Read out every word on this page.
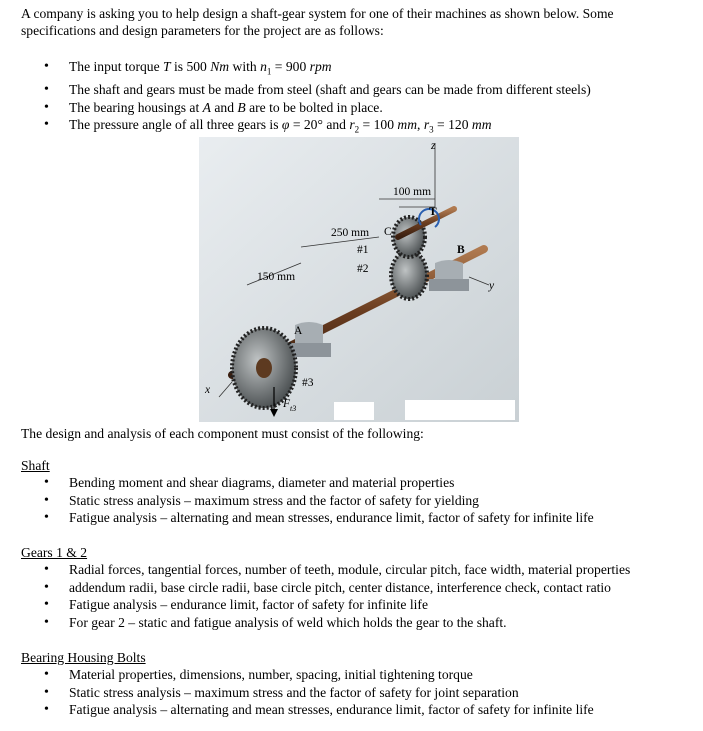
A company is asking you to help design a shaft-gear system for one of their machines as shown below. Some specifications and design parameters for the project are as follows:
• The input torque T is 500 Nm with $n_1 = 900$ rpm
• The shaft and gears must be made from steel (shaft and gears can be made from different steels)
• The bearing housings at A and B are to be bolted in place.
• The pressure angle of all three gears is φ = 20° and $r_2 = 100$ mm, $r_3 = 120$ mm
100 mm
250 mm
150 mm
C
T
B
A
#1
#2
#3
z
x
y
$F_{t3}$
The design and analysis of each component must consist of the following:
Shaft
• Bending moment and shear diagrams, diameter and material properties
• Static stress analysis – maximum stress and the factor of safety for yielding
• Fatigue analysis – alternating and mean stresses, endurance limit, factor of safety for infinite life
Gears 1 & 2
• Radial forces, tangential forces, number of teeth, module, circular pitch, face width, material properties
• addendum radii, base circle radii, base circle pitch, center distance, interference check, contact ratio
• Fatigue analysis – endurance limit, factor of safety for infinite life
• For gear 2 – static and fatigue analysis of weld which holds the gear to the shaft.
Bearing Housing Bolts
• Material properties, dimensions, number, spacing, initial tightening torque
• Static stress analysis – maximum stress and the factor of safety for joint separation
• Fatigue analysis – alternating and mean stresses, endurance limit, factor of safety for infinite life
